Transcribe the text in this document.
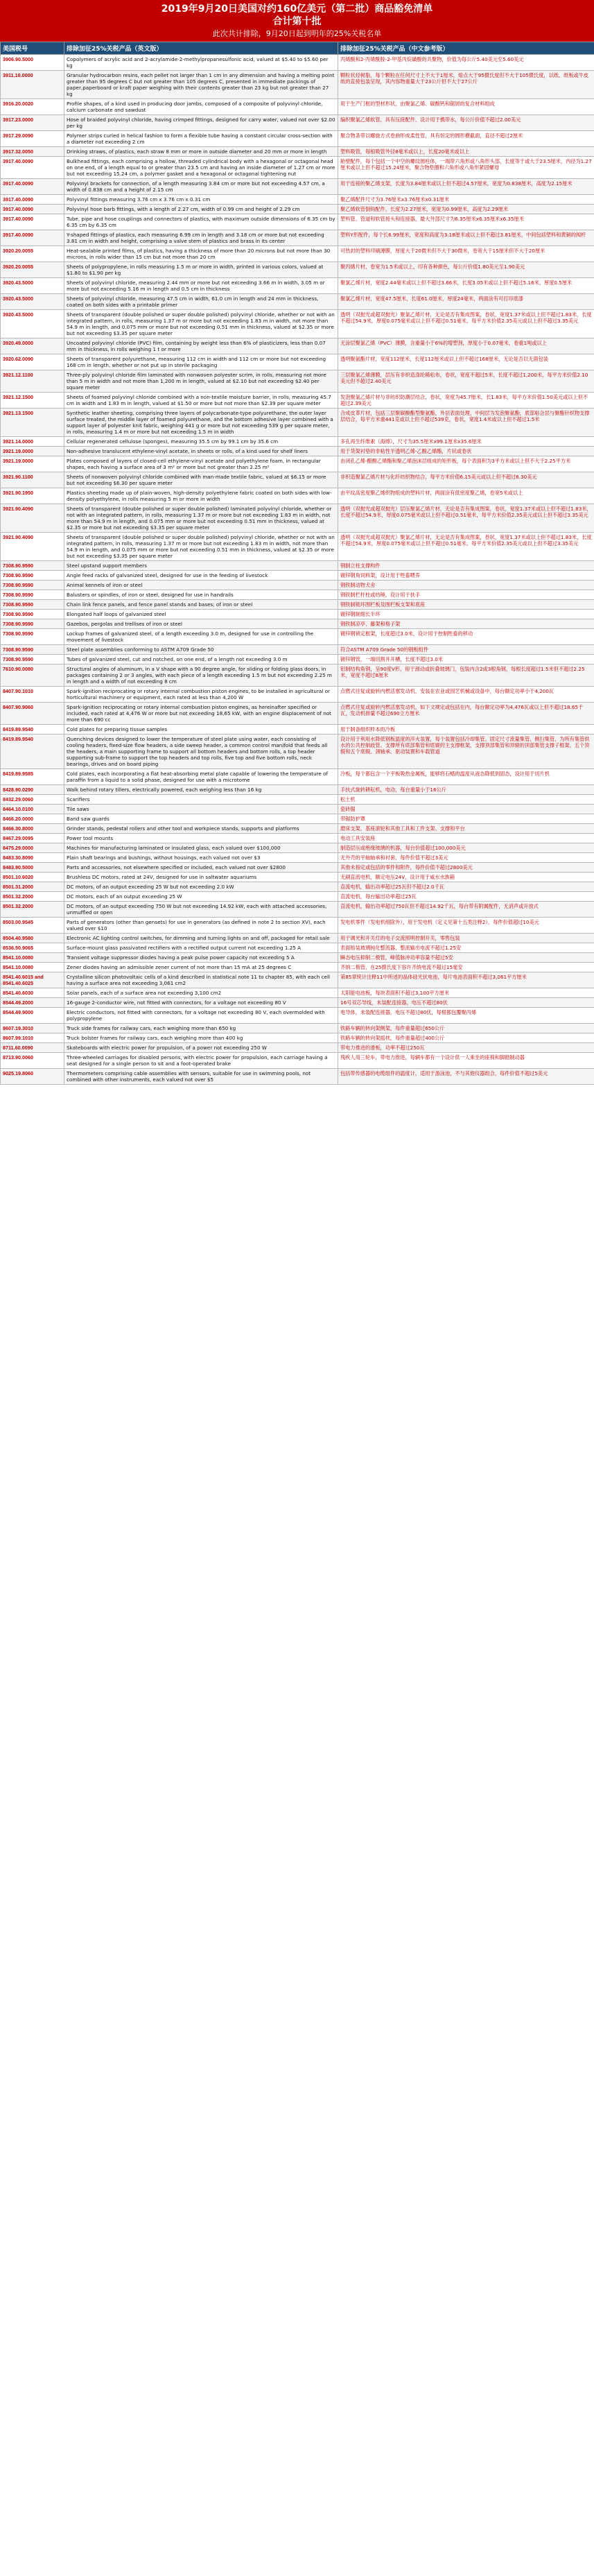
2019年9月20日美国对约160亿美元（第二批）商品豁免清单
合计第十批
此次共计排除，9月20日起到明年的25%关税名单
美国税号	排除加征25%关税产品（英文版）	排除加征25%关税产品（中文参考版）
3906.90.5000	Copolymers of acrylic acid and 2-acrylamide-2-methylpropanesulfonic acid, valued at $5.40 to $5.60 per kg	丙烯酸和2-丙烯酰胺-2-甲基丙烷磺酸的共聚物，价值为每公斤5.40美元至5.60美元
3911.10.0000	Granular hydrocarbon resins, each pellet not larger than 1 cm in any dimension and having a melting point greater than 95 degrees C but not greater than 105 degrees C, presented in immediate packings of paper,paperboard or kraft paper weighing with their contents greater than 23 kg but not greater than 27 kg	颗粒状烃树脂，每个颗粒在任何尺寸上不大于1厘米，熔点大于95摄氏度但不大于105摄氏度，以纸、纸板或牛皮纸的直接包装呈现，其内容物重量大于23公斤但不大于27公斤
3916.20.0020	Profile shapes, of a kind used in producing door jambs, composed of a composite of polyvinyl chloride, calcium carbonate and sawdust	用于生产门框的型材形状，由聚氯乙烯、碳酸钙和锯屑的复合材料组成
3917.23.0000	Hose of braided polyvinyl chloride, having crimped fittings, designed for carry water, valued not over $2.00 per kg	编织聚氯乙烯软管，具有压接配件，设计用于携带水，每公斤价值不超过2.00美元
3917.29.0090	Polymer strips curled in helical fashion to form a flexible tube having a constant circular cross-section with a diameter not exceeding 2 cm	聚合物条带以螺旋方式卷曲形成柔性管，具有恒定的圆形横截面，直径不超过2厘米
3917.32.0050	Drinking straws, of plastics, each straw 8 mm or more in outside diameter and 20 mm or more in length	塑料吸管，每根吸管外径8毫米或以上，长度20毫米或以上
3917.40.0090	Bulkhead fittings, each comprising a hollow, threaded cylindrical body with a hexagonal or octagonal head on one end, of a length equal to or greater than 23.5 cm and having an inside diameter of 1.27 cm or more but not exceeding 15.24 cm, a polymer gasket and a hexagonal or octagonal tightening nut	舱壁配件，每个包括一个中空的螺纹圆柱体，一端带六角形或八角形头部，长度等于或大于23.5厘米，内径为1.27厘米或以上但不超过15.24厘米，聚合物垫圈和六角形或八角形紧固螺母
3917.40.0090	Polyvinyl brackets for connection, of a length measuring 3.84 cm or more but not exceeding 4.57 cm, a width of 0.838 cm and a height of 2.15 cm	用于连接的聚乙烯支架，长度为3.84厘米或以上但不超过4.57厘米，宽度为0.838厘米，高度为2.15厘米
3917.40.0090	Polyvinyl fittings measuring 3.76 cm x 3.76 cm x 0.31 cm	聚乙烯配件尺寸为3.76厘米x3.76厘米x0.31厘米
3917.40.0090	Polyvinyl hose barb fittings, with a length of 2.27 cm, width of 0.99 cm and height of 2.29 cm	聚乙烯软管倒钩配件，长度为2.27厘米，宽度为0.99厘米，高度为2.29厘米
3917.40.0090	Tube, pipe and hose couplings and connectors of plastics, with maximum outside dimensions of 6.35 cm by 6.35 cm by 6.35 cm	塑料管、管道和软管接头和连接器，最大外部尺寸为6.35厘米x6.35厘米x6.35厘米
3917.40.0090	Y-shaped fittings of plastics, each measuring 6.99 cm in length and 3.18 cm or more but not exceeding 3.81 cm in width and height, comprising a valve stem of plastics and brass in its center	塑料Y形配件，每个长6.99厘米，宽度和高度为3.18厘米或以上但不超过3.81厘米，中间包括塑料和黄铜的阀杆
3920.20.0055	Heat-sealable printed films, of plastics, having a thickness of more than 20 microns but not more than 30 microns, in rolls wider than 15 cm but not more than 20 cm	可热封的塑料印刷薄膜，厚度大于20微米但不大于30微米，卷宽大于15厘米但不大于20厘米
3920.20.0055	Sheets of polypropylene, in rolls measuring 1.5 m or more in width, printed in various colors, valued at $1.80 to $1.90 per kg	聚丙烯片材，卷宽为1.5米或以上，印有各种颜色，每公斤价值1.80美元至1.90美元
3920.43.5000	Sheets of polyvinyl chloride, measuring 2.44 mm or more but not exceeding 3.66 m in width, 3.05 m or more but not exceeding 5.16 m in length and 0.5 cm in thickness	聚氯乙烯片材，宽度2.44毫米或以上但不超过3.66米，长度3.05米或以上但不超过5.16米，厚度0.5厘米
3920.43.5000	Sheets of polyvinyl chloride, measuring 47.5 cm in width, 61.0 cm in length and 24 mm in thickness, coated on both sides with a printable primer	聚氯乙烯片材，宽度47.5厘米，长度61.0厘米，厚度24毫米，两面涂有可打印底漆
3920.43.5000	Sheets of transparent (double polished or super double polished) polyvinyl chloride, whether or not with an integrated pattern, in rolls, measuring 1.37 m or more but not exceeding 1.83 m in width, not more than 54.9 m in length, and 0.075 mm or more but not exceeding 0.51 mm in thickness, valued at $2.35 or more but not exceeding $3.35 per square meter	透明（双抛光或超双抛光）聚氯乙烯片材，无论是否有集成图案，卷状，宽度1.37米或以上但不超过1.83米，长度不超过54.9米，厚度0.075毫米或以上但不超过0.51毫米，每平方米价值2.35美元或以上但不超过3.35美元
3920.49.0000	Uncoated polyvinyl chloride (PVC) film, containing by weight less than 6% of plasticizers, less than 0.07 mm in thickness, in rolls weighing 1 t or more	无涂层聚氯乙烯（PVC）薄膜，含重量小于6%的增塑剂，厚度小于0.07毫米，卷重1吨或以上
3920.62.0090	Sheets of transparent polyurethane, measuring 112 cm in width and 112 cm or more but not exceeding 168 cm in length, whether or not put up in sterile packaging	透明聚氨酯片材，宽度112厘米，长度112厘米或以上但不超过168厘米，无论是否以无菌包装
3921.12.1100	Three-ply polyvinyl chloride film laminated with nonwoven polyester scrim, in rolls, measuring not more than 5 m in width and not more than 1,200 m in length, valued at $2.10 but not exceeding $2.40 per square meter	三层聚氯乙烯薄膜，层压有非织造涤纶稀松布，卷状，宽度不超过5米，长度不超过1,200米，每平方米价值2.10美元但不超过2.40美元
3921.12.1500	Sheets of foamed polyvinyl chloride combined with a non-textile moisture barrier, in rolls, measuring 45.7 cm in width and 1.83 m in length, valued at $1.50 or more but not more than $2.39 per square meter	发泡聚氯乙烯片材与非纺织防潮层结合，卷状，宽度为45.7厘米，长1.83米，每平方米价值1.50美元或以上但不超过2.39美元
3921.13.1500	Synthetic leather sheeting, comprising three layers of polycarbonate-type polyurethane, the outer layer surface treated, the middle layer of foamed polyurethane, and the bottom adhesive layer combined with a support layer of polyester knit fabric, weighing 441 g or more but not exceeding 539 g per square meter, in rolls, measuring 1.4 m or more but not exceeding 1.5 m in width	合成皮革片材，包括三层聚碳酸酯型聚氨酯，外层表面处理，中间层为发泡聚氨酯，底部粘合层与聚酯针织物支撑层结合，每平方米重441克或以上但不超过539克，卷状，宽度1.4米或以上但不超过1.5米
3921.14.0000	Cellular regenerated cellulose (sponges), measuring 35.5 cm by 99.1 cm by 35.6 cm	多孔再生纤维素（海绵），尺寸为35.5厘米x99.1厘米x35.6厘米
3921.19.0000	Non-adhesive translucent ethylene-vinyl acetate, in sheets or rolls, of a kind used for shelf liners	用于货架衬垫的非粘性半透明乙烯-乙酸乙烯酯，片状或卷状
3921.19.0000	Plates composed of layers of closed-cell ethylene-vinyl acetate and polyethylene foam, in rectangular shapes, each having a surface area of 3 m² or more but not greater than 2.25 m²	由闭孔乙烯-醋酸乙烯酯和聚乙烯泡沫层组成的矩形板，每个表面积为3平方米或以上但不大于2.25平方米
3921.90.1100	Sheets of nonwoven polyvinyl chloride combined with man-made textile fabric, valued at $6.15 or more but not exceeding $6.30 per square meter	非织造聚氯乙烯片材与化纤纺织物结合，每平方米价值6.15美元或以上但不超过6.30美元
3921.90.1950	Plastics sheeting made up of plain-woven, high-density polyethylene fabric coated on both sides with low-density polyethylene, in rolls measuring 5 m or more in width	由平纹高密度聚乙烯织物组成的塑料片材，两面涂有低密度聚乙烯，卷宽5米或以上
3921.90.4090	Sheets of transparent (double polished or super double polished) laminated polyvinyl chloride, whether or not with an integrated pattern, in rolls, measuring 1.37 m or more but not exceeding 1.83 m in width, not more than 54.9 m in length, and 0.075 mm or more but not exceeding 0.51 mm in thickness, valued at $2.35 or more but not exceeding $3.35 per square meter	透明（双抛光或超双抛光）层压聚氯乙烯片材，无论是否有集成图案，卷状，宽度1.37米或以上但不超过1.83米，长度不超过54.9米，厚度0.075毫米或以上但不超过0.51毫米，每平方米价值2.35美元或以上但不超过3.35美元
3921.90.4090	Sheets of transparent (double polished or super double polished) polyvinyl chloride, whether or not with an integrated pattern, in rolls, measuring 1.37 m or more but not exceeding 1.83 m in width, not more than 54.9 m in length, and 0.075 mm or more but not exceeding 0.51 mm in thickness, valued at $2.35 or more but not exceeding $3.35 per square meter	透明（双抛光或超双抛光）聚氯乙烯片材，无论是否有集成图案，卷状，宽度1.37米或以上但不超过1.83米，长度不超过54.9米，厚度0.075毫米或以上但不超过0.51毫米，每平方米价值2.35美元或以上但不超过3.35美元
7308.90.9590	Steel upstand support members	钢制立柱支撑构件
7308.90.9590	Angle feed racks of galvanized steel, designed for use in the feeding of livestock	镀锌钢角饲料架，设计用于牲畜喂养
7308.90.9590	Animal kennels of iron or steel	钢铁制动物犬舍
7308.90.9590	Balusters or spindles, of iron or steel, designed for use in handrails	钢铁制栏杆柱或纺锤，设计用于扶手
7308.90.9590	Chain link fence panels, and fence panel stands and bases; of iron or steel	钢铁制链环围栏板及围栏板支架和底座
7308.90.9590	Elongated half loops of galvanized steel	镀锌钢制细长半环
7308.90.9590	Gazebos, pergolas and trellises of iron or steel	钢铁制凉亭、藤架和格子架
7308.90.9590	Lockup frames of galvanized steel, of a length exceeding 3.0 m, designed for use in controlling the movement of livestock	镀锌钢锁定框架，长度超过3.0米，设计用于控制牲畜的移动
7308.90.9590	Steel plate assemblies conforming to ASTM A709 Grade 50	符合ASTM A709 Grade 50的钢板组件
7308.90.9590	Tubes of galvanized steel, cut and notched, on one end, of a length not exceeding 3.0 m	镀锌钢管，一端切割并开槽，长度不超过3.0米
7610.90.0080	Structural angles of aluminum, in a V shape with a 90 degree angle, for sliding or folding glass doors, in packages containing 2 or 3 angles, with each piece of a length exceeding 1.5 m but not exceeding 2.25 m in length and a width of not exceeding 8 cm	铝制结构角钢，呈90度V形，用于滑动或折叠玻璃门，包装内含2或3根角钢，每根长度超过1.5米但不超过2.25米，宽度不超过8厘米
8407.90.1010	Spark-ignition reciprocating or rotary internal combustion piston engines, to be installed in agricultural or horticultural machinery or equipment, each rated at less than 4,200 W	点燃式往复或旋转内燃活塞发动机，安装在农业或园艺机械或设备中，每台额定功率小于4,200瓦
8407.90.9060	Spark-ignition reciprocating or rotary internal combustion piston engines, as hereinafter specified or included, each rated at 4,476 W or more but not exceeding 18,65 kW, with an engine displacement of not more than 690 cc	点燃式往复或旋转内燃活塞发动机，如下文规定或包括在内，每台额定功率为4,476瓦或以上但不超过18.65千瓦，发动机排量不超过690立方厘米
8419.89.9540	Cold plates for preparing tissue samples	用于制备组织样本的冷板
8419.89.9540	Quenching devices designed to lower the temperature of steel plate using water, each consisting of cooling headers, fixed-size flow headers, a side sweep header, a common control manifold that feeds all the headers, a main supporting frame to support all bottom headers and bottom rolls, a top header supporting sub-frame to support the top headers and top rolls, five top and five bottom rolls, neck bearings, drives and on board piping	设计用于利用水降低钢板温度的淬火装置，每个装置包括冷却集管、固定尺寸流量集管、侧扫集管、为所有集管供水的公共控制歧管、支撑所有底部集管和底辊的主支撑框架、支撑顶部集管和顶辊的顶部集管支撑子框架、五个顶辊和五个底辊、颈轴承、驱动装置和车载管道
8419.89.9585	Cold plates, each incorporating a flat heat-absorbing metal plate capable of lowering the temperature of paraffin from a liquid to a solid phase, designed for use with a microtome	冷板，每个都包含一个平板吸热金属板，能够将石蜡的温度从液态降低到固态，设计用于切片机
8428.90.0290	Walk behind rotary tillers, electrically powered, each weighing less than 16 kg	手扶式旋转耕耘机，电动，每台重量小于16公斤
8432.29.0060	Scarifiers	松土机
8464.10.0100	Tile saws	瓷砖锯
8466.20.0000	Band saw guards	带锯防护罩
8466.30.8000	Grinder stands, pedestal rollers and other tool and workpiece stands, supports and platforms	磨床支架、基座滚轮和其他工具和工件支架、支撑和平台
8467.29.0095	Power tool mounts	电动工具安装座
8475.29.0000	Machines for manufacturing laminated or insulated glass, each valued over $100,000	制造层压或绝缘玻璃的机器，每台价值超过100,000美元
8483.30.8090	Plain shaft bearings and bushings, without housings, each valued not over $3	无外壳的平轴轴承和衬套，每件价值不超过3美元
8483.90.5000	Parts and accessories, not elsewhere specified or included, each valued not over $2800	其他未指定或包括的零件和附件，每件价值不超过2800美元
8501.10.6020	Brushless DC motors, rated at 24V, designed for use in saltwater aquariums	无刷直流电机，额定电压24V，设计用于咸水水族箱
8501.31.2000	DC motors, of an output exceeding 25 W but not exceeding 2.0 kW	直流电机，输出功率超过25瓦但不超过2.0千瓦
8501.32.2000	DC motors, each of an output exceeding 25 W	直流电机，每台输出功率超过25瓦
8501.32.2000	DC motors, of an output exceeding 750 W but not exceeding 14.92 kW, each with attached accessories, unmuffled or open	直流电机，输出功率超过750瓦但不超过14.92千瓦，每台带有附属配件，无消声或开放式
8503.00.9545	Parts of generators (other than gensets) for use in generators (as defined in note 2 to section XV), each valued over $10	发电机零件（发电机组除外），用于发电机（定义见第十五类注释2），每件价值超过10美元
8504.40.9580	Electronic AC lighting control switches, for dimming and turning lights on and off, packaged for retail sale	用于调光和开关灯的电子交流照明控制开关，零售包装
8536.50.9065	Surface-mount glass passivated rectifiers with a rectified output current not exceeding 1.25 A	表面贴装玻璃钝化整流器，整流输出电流不超过1.25安
8541.10.0080	Transient voltage suppressor diodes having a peak pulse power capacity not exceeding 5 A	瞬态电压抑制二极管，峰值脉冲功率容量不超过5安
8541.10.0080	Zener diodes having an admissible zener current of not more than 15 mA at 25 degrees C	齐纳二极管，在25摄氏度下容许齐纳电流不超过15毫安
8541.40.6015 and 8541.40.6025	Crystalline silicon photovoltaic cells of a kind described in statistical note 11 to chapter 85, with each cell having a surface area not exceeding 3,061 cm2	第85章统计注释11中所述的晶体硅光伏电池，每片电池表面积不超过3,061平方厘米
8541.40.6030	Solar panels, each of a surface area not exceeding 3,100 cm2	太阳能电池板，每块表面积不超过3,100平方厘米
8544.49.2000	16-gauge 2-conductor wire, not fitted with connectors, for a voltage not exceeding 80 V	16号双芯导线，未装配连接器，电压不超过80伏
8544.49.9000	Electric conductors, not fitted with connectors, for a voltage not exceeding 80 V, each overmolded with polypropylene	电导体，未装配连接器，电压不超过80伏，每根都包覆聚丙烯
8607.19.3010	Truck side frames for railway cars, each weighing more than 650 kg	铁路车辆的转向架侧架，每件重量超过650公斤
8607.99.1010	Truck bolster frames for railway cars, each weighing more than 400 kg	铁路车辆的转向架摇枕，每件重量超过400公斤
8711.60.0090	Skateboards with electric power for propulsion, of a power not exceeding 250 W	带电力推进的滑板，功率不超过250瓦
8713.90.0060	Three-wheeled carriages for disabled persons, with electric power for propulsion, each carriage having a seat designed for a single person to sit and a foot-operated brake	残疾人用三轮车，带电力推进，每辆车都有一个设计供一人乘坐的座椅和脚踏制动器
9025.19.8060	Thermometers comprising cable assemblies with sensors, suitable for use in swimming pools, not combined with other instruments, each valued not over $5	包括带传感器的电缆组件的温度计，适用于游泳池，不与其他仪器组合，每件价值不超过5美元
